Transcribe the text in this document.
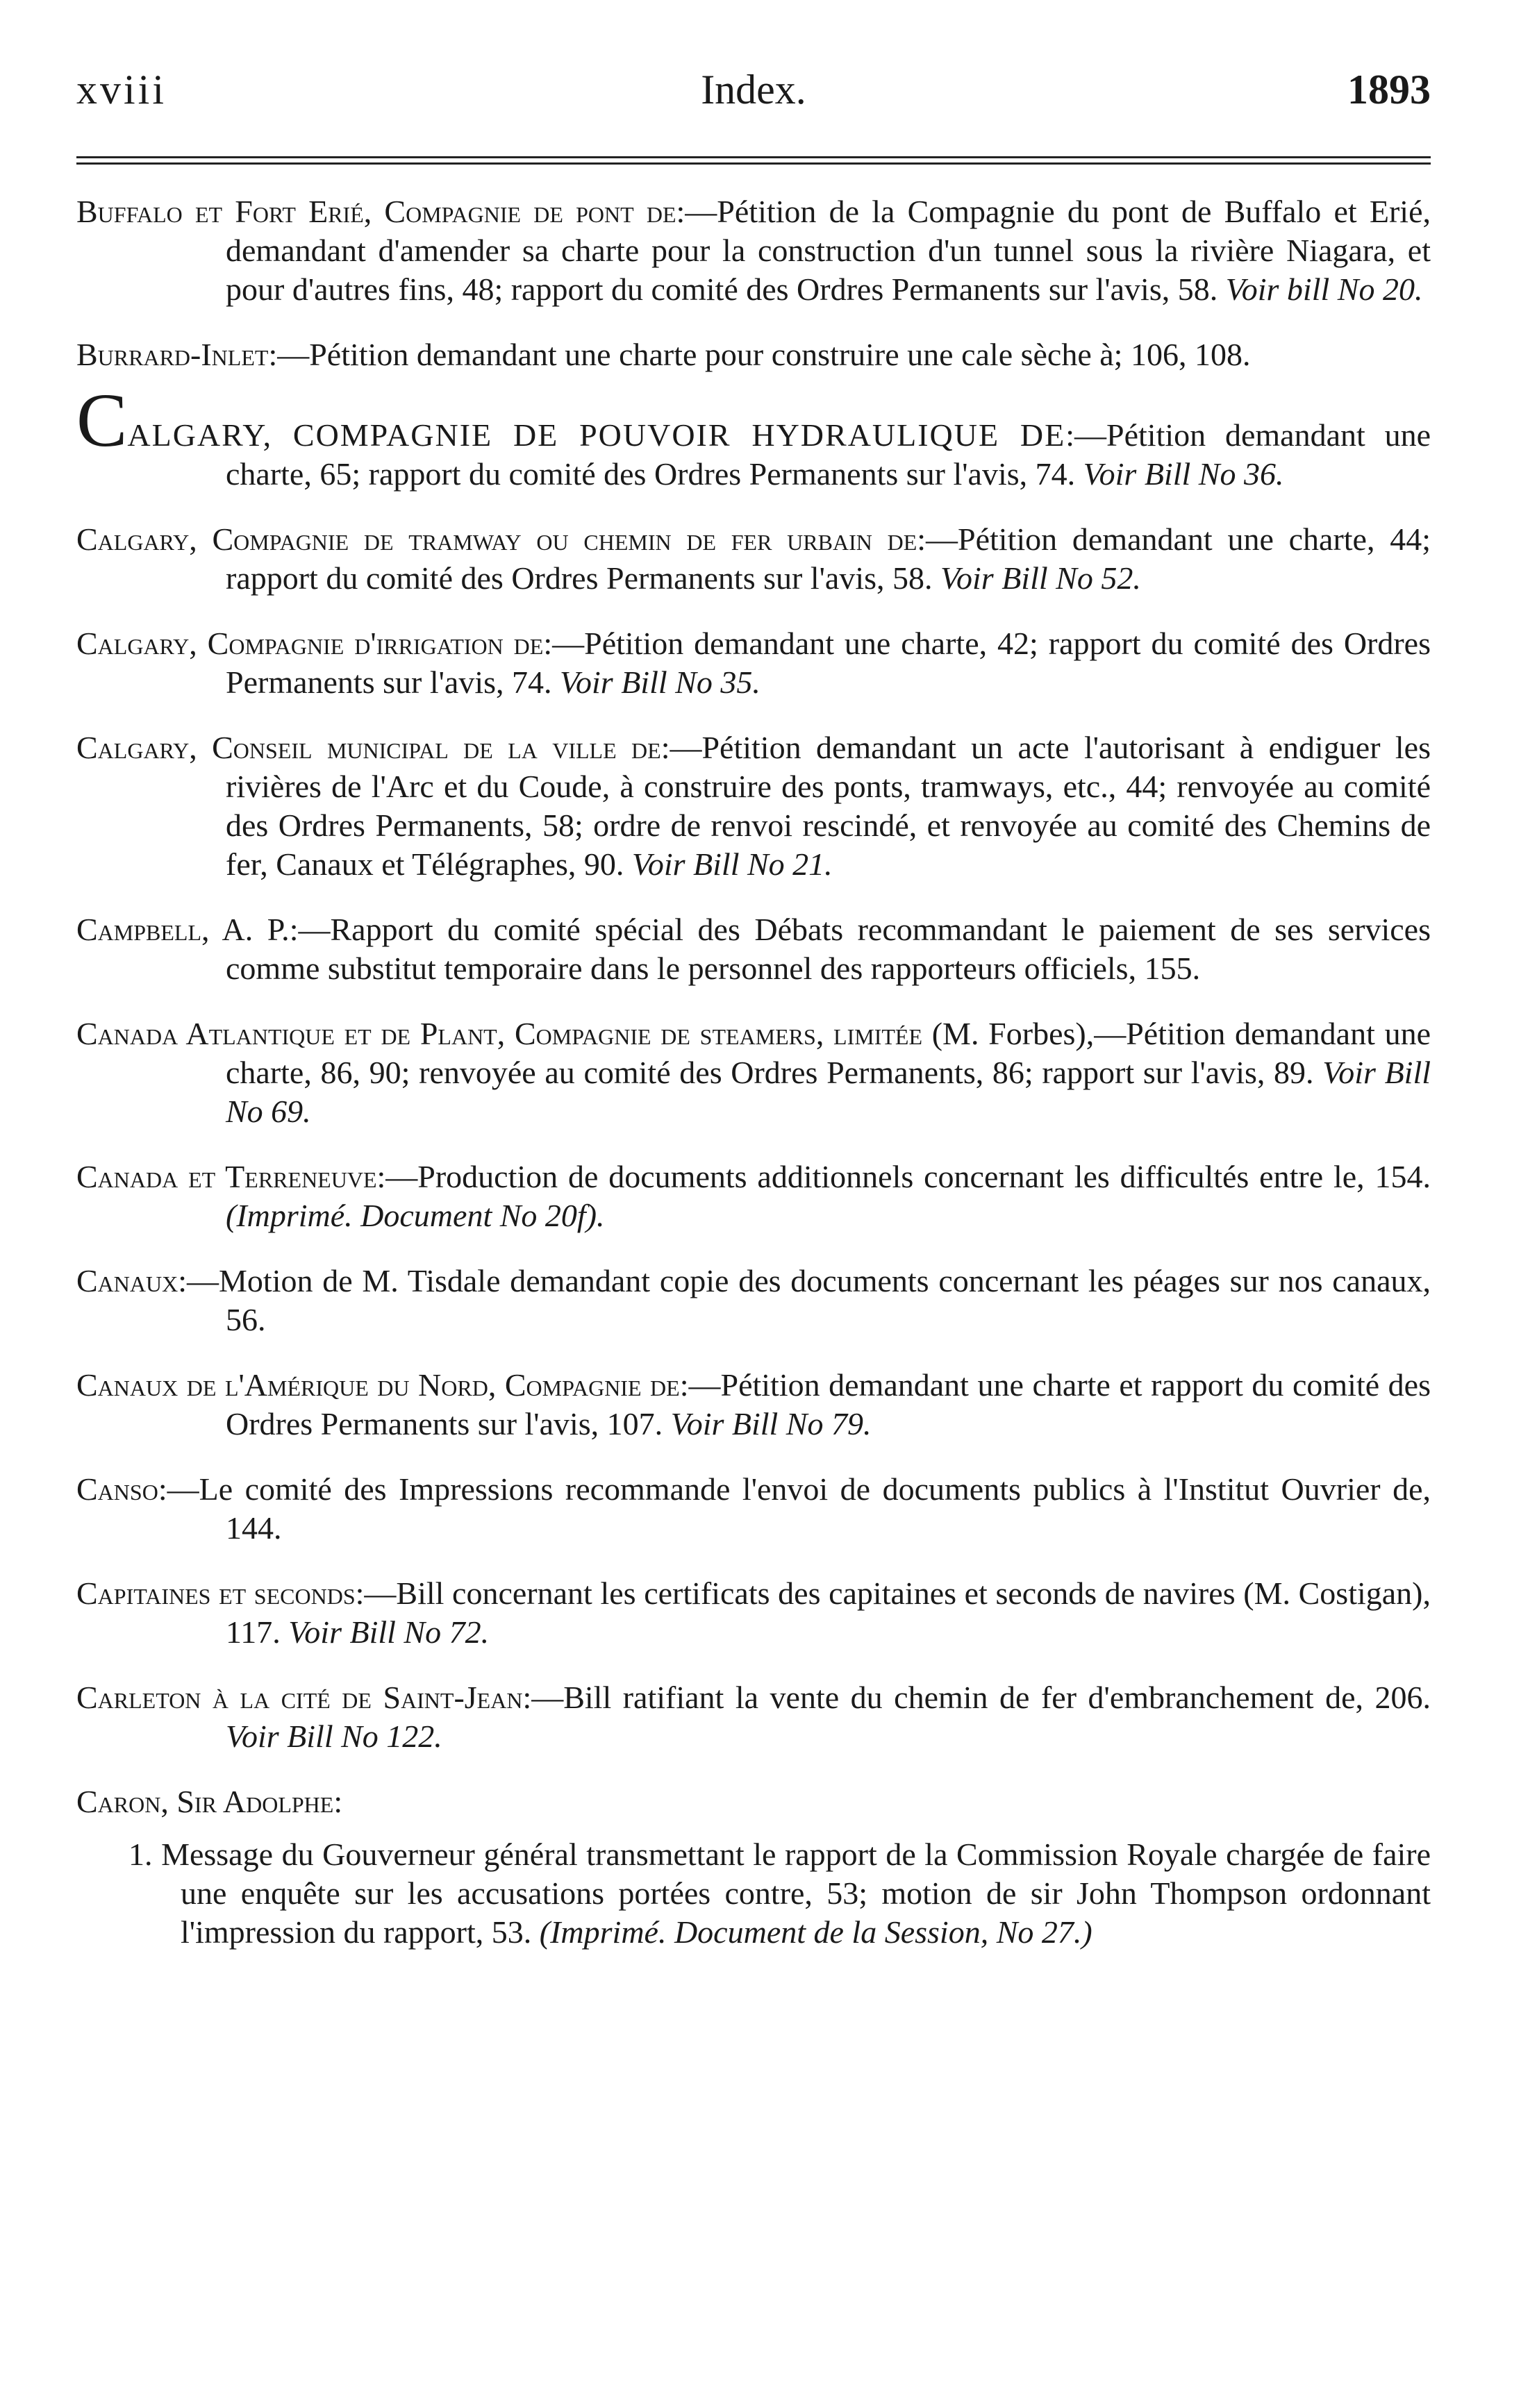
xviii	Index.	1893
Buffalo et Fort Erié, Compagnie de pont de:—Pétition de la Compagnie du pont de Buffalo et Erié, demandant d'amender sa charte pour la construction d'un tunnel sous la rivière Niagara, et pour d'autres fins, 48; rapport du comité des Ordres Permanents sur l'avis, 58. Voir bill No 20.
Burrard-Inlet:—Pétition demandant une charte pour construire une cale sèche à; 106, 108.
CALGARY, COMPAGNIE DE POUVOIR HYDRAULIQUE DE:—Pétition demandant une charte, 65; rapport du comité des Ordres Permanents sur l'avis, 74. Voir Bill No 36.
Calgary, Compagnie de tramway ou chemin de fer urbain de:—Pétition demandant une charte, 44; rapport du comité des Ordres Permanents sur l'avis, 58. Voir Bill No 52.
Calgary, Compagnie d'irrigation de:—Pétition demandant une charte, 42; rapport du comité des Ordres Permanents sur l'avis, 74. Voir Bill No 35.
Calgary, Conseil municipal de la ville de:—Pétition demandant un acte l'autorisant à endiguer les rivières de l'Arc et du Coude, à construire des ponts, tramways, etc., 44; renvoyée au comité des Ordres Permanents, 58; ordre de renvoi rescindé, et renvoyée au comité des Chemins de fer, Canaux et Télégraphes, 90. Voir Bill No 21.
Campbell, A. P.:—Rapport du comité spécial des Débats recommandant le paiement de ses services comme substitut temporaire dans le personnel des rapporteurs officiels, 155.
Canada Atlantique et de Plant, Compagnie de steamers, limitée (M. Forbes),—Pétition demandant une charte, 86, 90; renvoyée au comité des Ordres Permanents, 86; rapport sur l'avis, 89. Voir Bill No 69.
Canada et Terreneuve:—Production de documents additionnels concernant les difficultés entre le, 154. (Imprimé. Document No 20f).
Canaux:—Motion de M. Tisdale demandant copie des documents concernant les péages sur nos canaux, 56.
Canaux de l'Amérique du Nord, Compagnie de:—Pétition demandant une charte et rapport du comité des Ordres Permanents sur l'avis, 107. Voir Bill No 79.
Canso:—Le comité des Impressions recommande l'envoi de documents publics à l'Institut Ouvrier de, 144.
Capitaines et seconds:—Bill concernant les certificats des capitaines et seconds de navires (M. Costigan), 117. Voir Bill No 72.
Carleton à la cité de Saint-Jean:—Bill ratifiant la vente du chemin de fer d'embranchement de, 206. Voir Bill No 122.
Caron, Sir Adolphe:
1. Message du Gouverneur général transmettant le rapport de la Commission Royale chargée de faire une enquête sur les accusations portées contre, 53; motion de sir John Thompson ordonnant l'impression du rapport, 53. (Imprimé. Document de la Session, No 27.)
